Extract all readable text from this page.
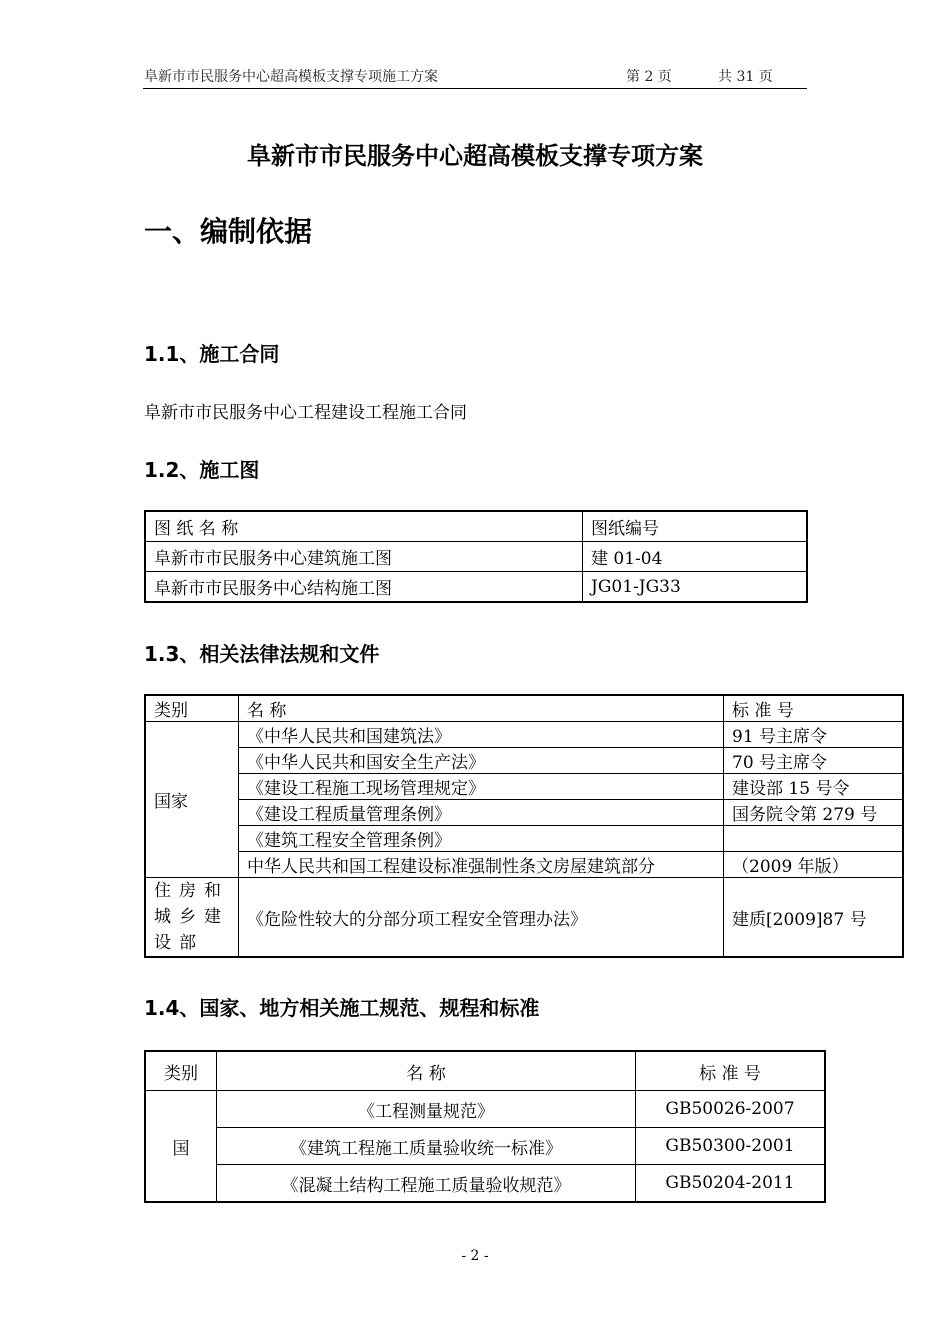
阜新市市民服务中心超高模板支撑专项施工方案	第 2 页	共 31 页
阜新市市民服务中心超高模板支撑专项方案
一、编制依据
1.1、施工合同
阜新市市民服务中心工程建设工程施工合同
1.2、施工图
图 纸 名 称	图纸编号
阜新市市民服务中心建筑施工图	建 01-04
阜新市市民服务中心结构施工图	JG01-JG33
1.3、相关法律法规和文件
类别	名 称	标 准 号
国家	《中华人民共和国建筑法》	91 号主席令
	《中华人民共和国安全生产法》	70 号主席令
	《建设工程施工现场管理规定》	建设部 15 号令
	《建设工程质量管理条例》	国务院令第 279 号
	《建筑工程安全管理条例》	
	中华人民共和国工程建设标准强制性条文房屋建筑部分	（2009 年版）
住房和城乡建设部	《危险性较大的分部分项工程安全管理办法》	建质[2009]87 号
1.4、国家、地方相关施工规范、规程和标准
类别	名 称	标 准 号
国	《工程测量规范》	GB50026-2007
	《建筑工程施工质量验收统一标准》	GB50300-2001
	《混凝土结构工程施工质量验收规范》	GB50204-2011
- 2 -
